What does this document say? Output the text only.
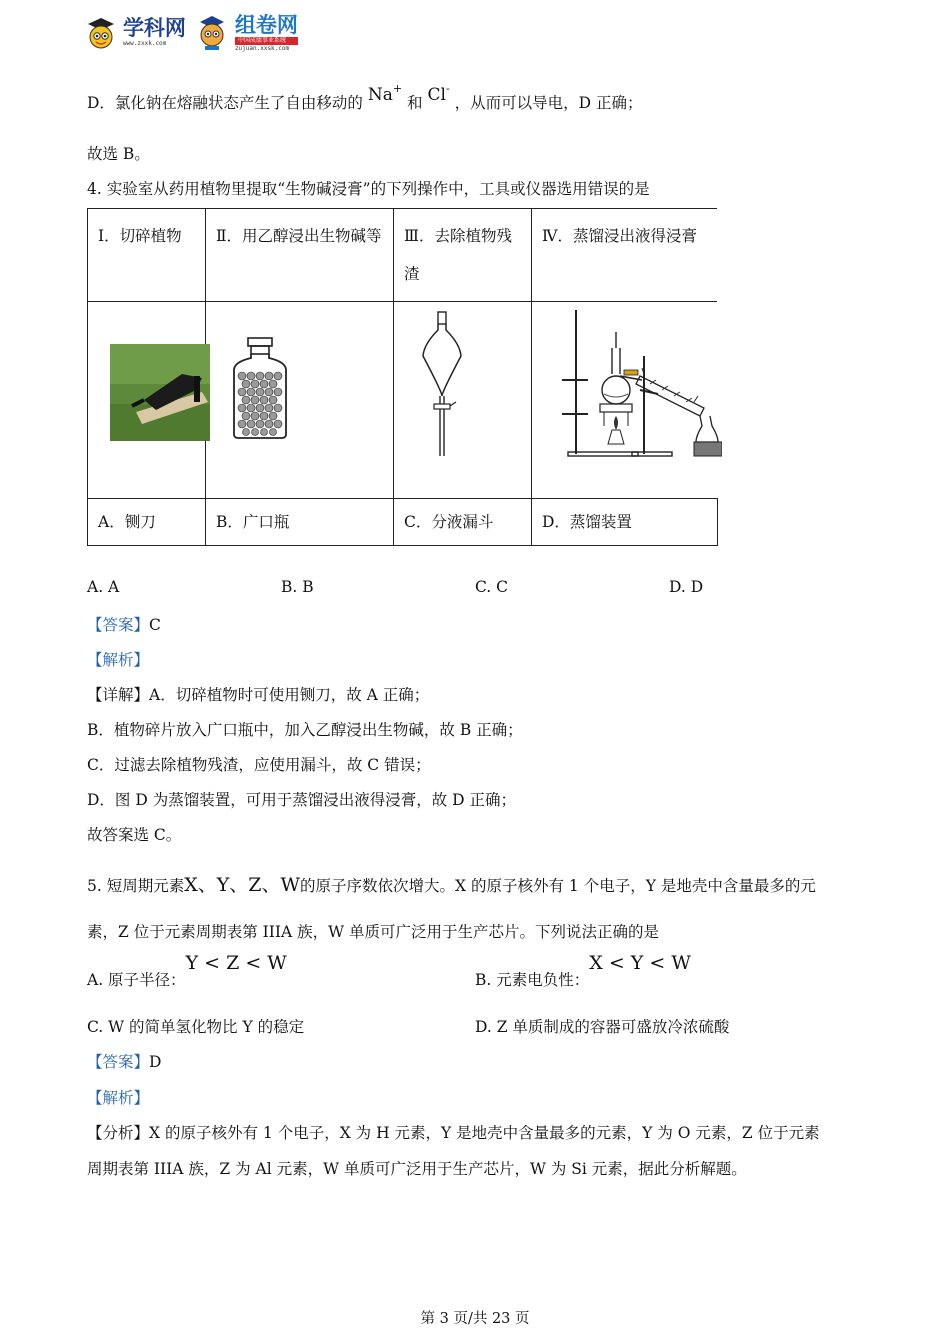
学科网
www.zxxk.com

组卷网
中国成绩事业系统
zujuan.xxsk.com
D．氯化钠在熔融状态产生了自由移动的 Na+ 和 Cl- ，从而可以导电，D 正确；
故选 B。
4. 实验室从药用植物里提取“生物碱浸膏”的下列操作中，工具或仪器选用错误的是
I．切碎植物	Ⅱ．用乙醇浸出生物碱等	Ⅲ．去除植物残渣	Ⅳ．蒸馏浸出液得浸膏

A．铡刀	B．广口瓶	C．分液漏斗	D．蒸馏装置
A. A	B. B	C. C	D. D
【答案】C
【解析】
【详解】A．切碎植物时可使用铡刀，故 A 正确；
B．植物碎片放入广口瓶中，加入乙醇浸出生物碱，故 B 正确；
C．过滤去除植物残渣，应使用漏斗，故 C 错误；
D．图 D 为蒸馏装置，可用于蒸馏浸出液得浸膏，故 D 正确；
故答案选 C。
5. 短周期元素X、Y、Z、W的原子序数依次增大。X 的原子核外有 1 个电子，Y 是地壳中含量最多的元
素，Z 位于元素周期表第 IIIA 族，W 单质可广泛用于生产芯片。下列说法正确的是
A. 原子半径：Y < Z < W
B. 元素电负性：X < Y < W
C. W 的简单氢化物比 Y 的稳定	D. Z 单质制成的容器可盛放冷浓硫酸
【答案】D
【解析】
【分析】X 的原子核外有 1 个电子，X 为 H 元素，Y 是地壳中含量最多的元素，Y 为 O 元素，Z 位于元素
周期表第 IIIA 族，Z 为 Al 元素，W 单质可广泛用于生产芯片，W 为 Si 元素，据此分析解题。
第 3 页/共 23 页
